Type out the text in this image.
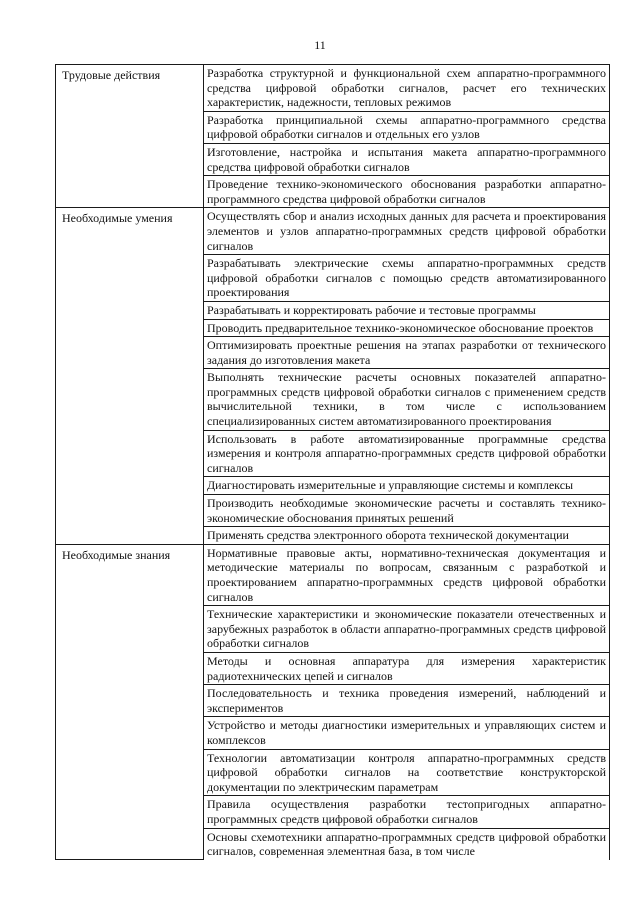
11
Трудовые действия	Разработка структурной и функциональной схем аппаратно-программного средства цифровой обработки сигналов, расчет его технических характеристик, надежности, тепловых режимов
	Разработка принципиальной схемы аппаратно-программного средства цифровой обработки сигналов и отдельных его узлов
	Изготовление, настройка и испытания макета аппаратно-программного средства цифровой обработки сигналов
	Проведение технико-экономического обоснования разработки аппаратно-программного средства цифровой обработки сигналов
Необходимые умения	Осуществлять сбор и анализ исходных данных для расчета и проектирования элементов и узлов аппаратно-программных средств цифровой обработки сигналов
	Разрабатывать электрические схемы аппаратно-программных средств цифровой обработки сигналов с помощью средств автоматизированного проектирования
	Разрабатывать и корректировать рабочие и тестовые программы
	Проводить предварительное технико-экономическое обоснование проектов
	Оптимизировать проектные решения на этапах разработки от технического задания до изготовления макета
	Выполнять технические расчеты основных показателей аппаратно-программных средств цифровой обработки сигналов с применением средств вычислительной техники, в том числе с использованием специализированных систем автоматизированного проектирования
	Использовать в работе автоматизированные программные средства измерения и контроля аппаратно-программных средств цифровой обработки сигналов
	Диагностировать измерительные и управляющие системы и комплексы
	Производить необходимые экономические расчеты и составлять технико-экономические обоснования принятых решений
	Применять средства электронного оборота технической документации
Необходимые знания	Нормативные правовые акты, нормативно-техническая документация и методические материалы по вопросам, связанным с разработкой и проектированием аппаратно-программных средств цифровой обработки сигналов
	Технические характеристики и экономические показатели отечественных и зарубежных разработок в области аппаратно-программных средств цифровой обработки сигналов
	Методы и основная аппаратура для измерения характеристик радиотехнических цепей и сигналов
	Последовательность и техника проведения измерений, наблюдений и экспериментов
	Устройство и методы диагностики измерительных и управляющих систем и комплексов
	Технологии автоматизации контроля аппаратно-программных средств цифровой обработки сигналов на соответствие конструкторской документации по электрическим параметрам
	Правила осуществления разработки тестопригодных аппаратно-программных средств цифровой обработки сигналов
	Основы схемотехники аппаратно-программных средств цифровой обработки сигналов, современная элементная база, в том числе
